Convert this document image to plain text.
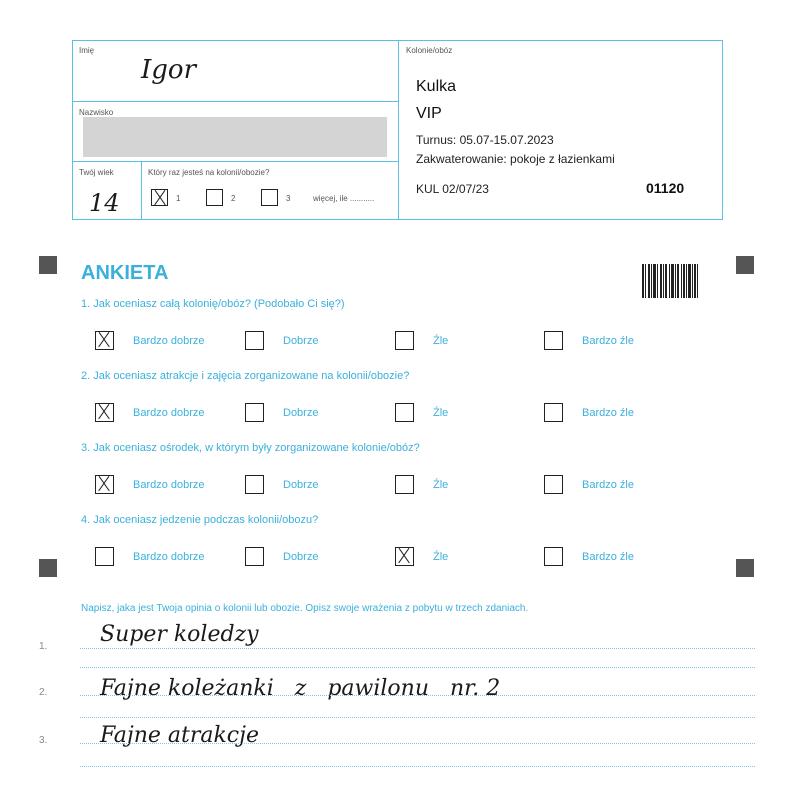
Imię
Igor
Nazwisko
Twój wiek
14
Który raz jesteś na kolonii/obozie?
1	2	3	więcej, ile ...........
Kolonie/obóz
Kulka
VIP
Turnus: 05.07-15.07.2023
Zakwaterowanie: pokoje z łazienkami
KUL 02/07/23	01120
ANKIETA
1. Jak oceniasz całą kolonię/obóz? (Podobało Ci się?)
Bardzo dobrze	Dobrze	Źle	Bardzo źle
2. Jak oceniasz atrakcje i zajęcia zorganizowane na kolonii/obozie?
Bardzo dobrze	Dobrze	Źle	Bardzo źle
3. Jak oceniasz ośrodek, w którym były zorganizowane kolonie/obóz?
Bardzo dobrze	Dobrze	Źle	Bardzo źle
4. Jak oceniasz jedzenie podczas kolonii/obozu?
Bardzo dobrze	Dobrze	Źle	Bardzo źle
Napisz, jaka jest Twoja opinia o kolonii lub obozie. Opisz swoje wrażenia z pobytu w trzech zdaniach.
1. Super koledzy
2. Fajne koleżanki   z   pawilonu   nr. 2
3. Fajne atrakcje
